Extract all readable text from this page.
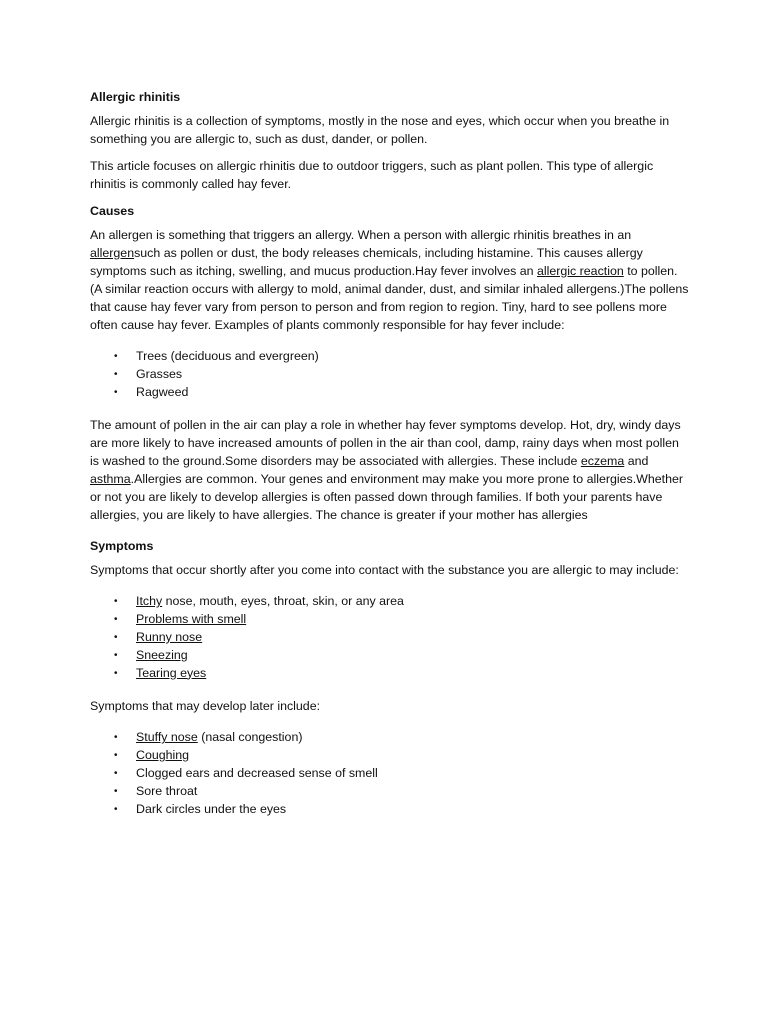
Allergic rhinitis
Allergic rhinitis is a collection of symptoms, mostly in the nose and eyes, which occur when you breathe in something you are allergic to, such as dust, dander, or pollen.
This article focuses on allergic rhinitis due to outdoor triggers, such as plant pollen. This type of allergic rhinitis is commonly called hay fever.
Causes
An allergen is something that triggers an allergy. When a person with allergic rhinitis breathes in an allergensuch as pollen or dust, the body releases chemicals, including histamine. This causes allergy symptoms such as itching, swelling, and mucus production.Hay fever involves an allergic reaction to pollen. (A similar reaction occurs with allergy to mold, animal dander, dust, and similar inhaled allergens.)The pollens that cause hay fever vary from person to person and from region to region. Tiny, hard to see pollens more often cause hay fever. Examples of plants commonly responsible for hay fever include:
• Trees (deciduous and evergreen)
• Grasses
• Ragweed
The amount of pollen in the air can play a role in whether hay fever symptoms develop. Hot, dry, windy days are more likely to have increased amounts of pollen in the air than cool, damp, rainy days when most pollen is washed to the ground.Some disorders may be associated with allergies. These include eczema and asthma.Allergies are common. Your genes and environment may make you more prone to allergies.Whether or not you are likely to develop allergies is often passed down through families. If both your parents have allergies, you are likely to have allergies. The chance is greater if your mother has allergies
Symptoms
Symptoms that occur shortly after you come into contact with the substance you are allergic to may include:
• Itchy nose, mouth, eyes, throat, skin, or any area
• Problems with smell
• Runny nose
• Sneezing
• Tearing eyes
Symptoms that may develop later include:
• Stuffy nose (nasal congestion)
• Coughing
• Clogged ears and decreased sense of smell
• Sore throat
• Dark circles under the eyes
